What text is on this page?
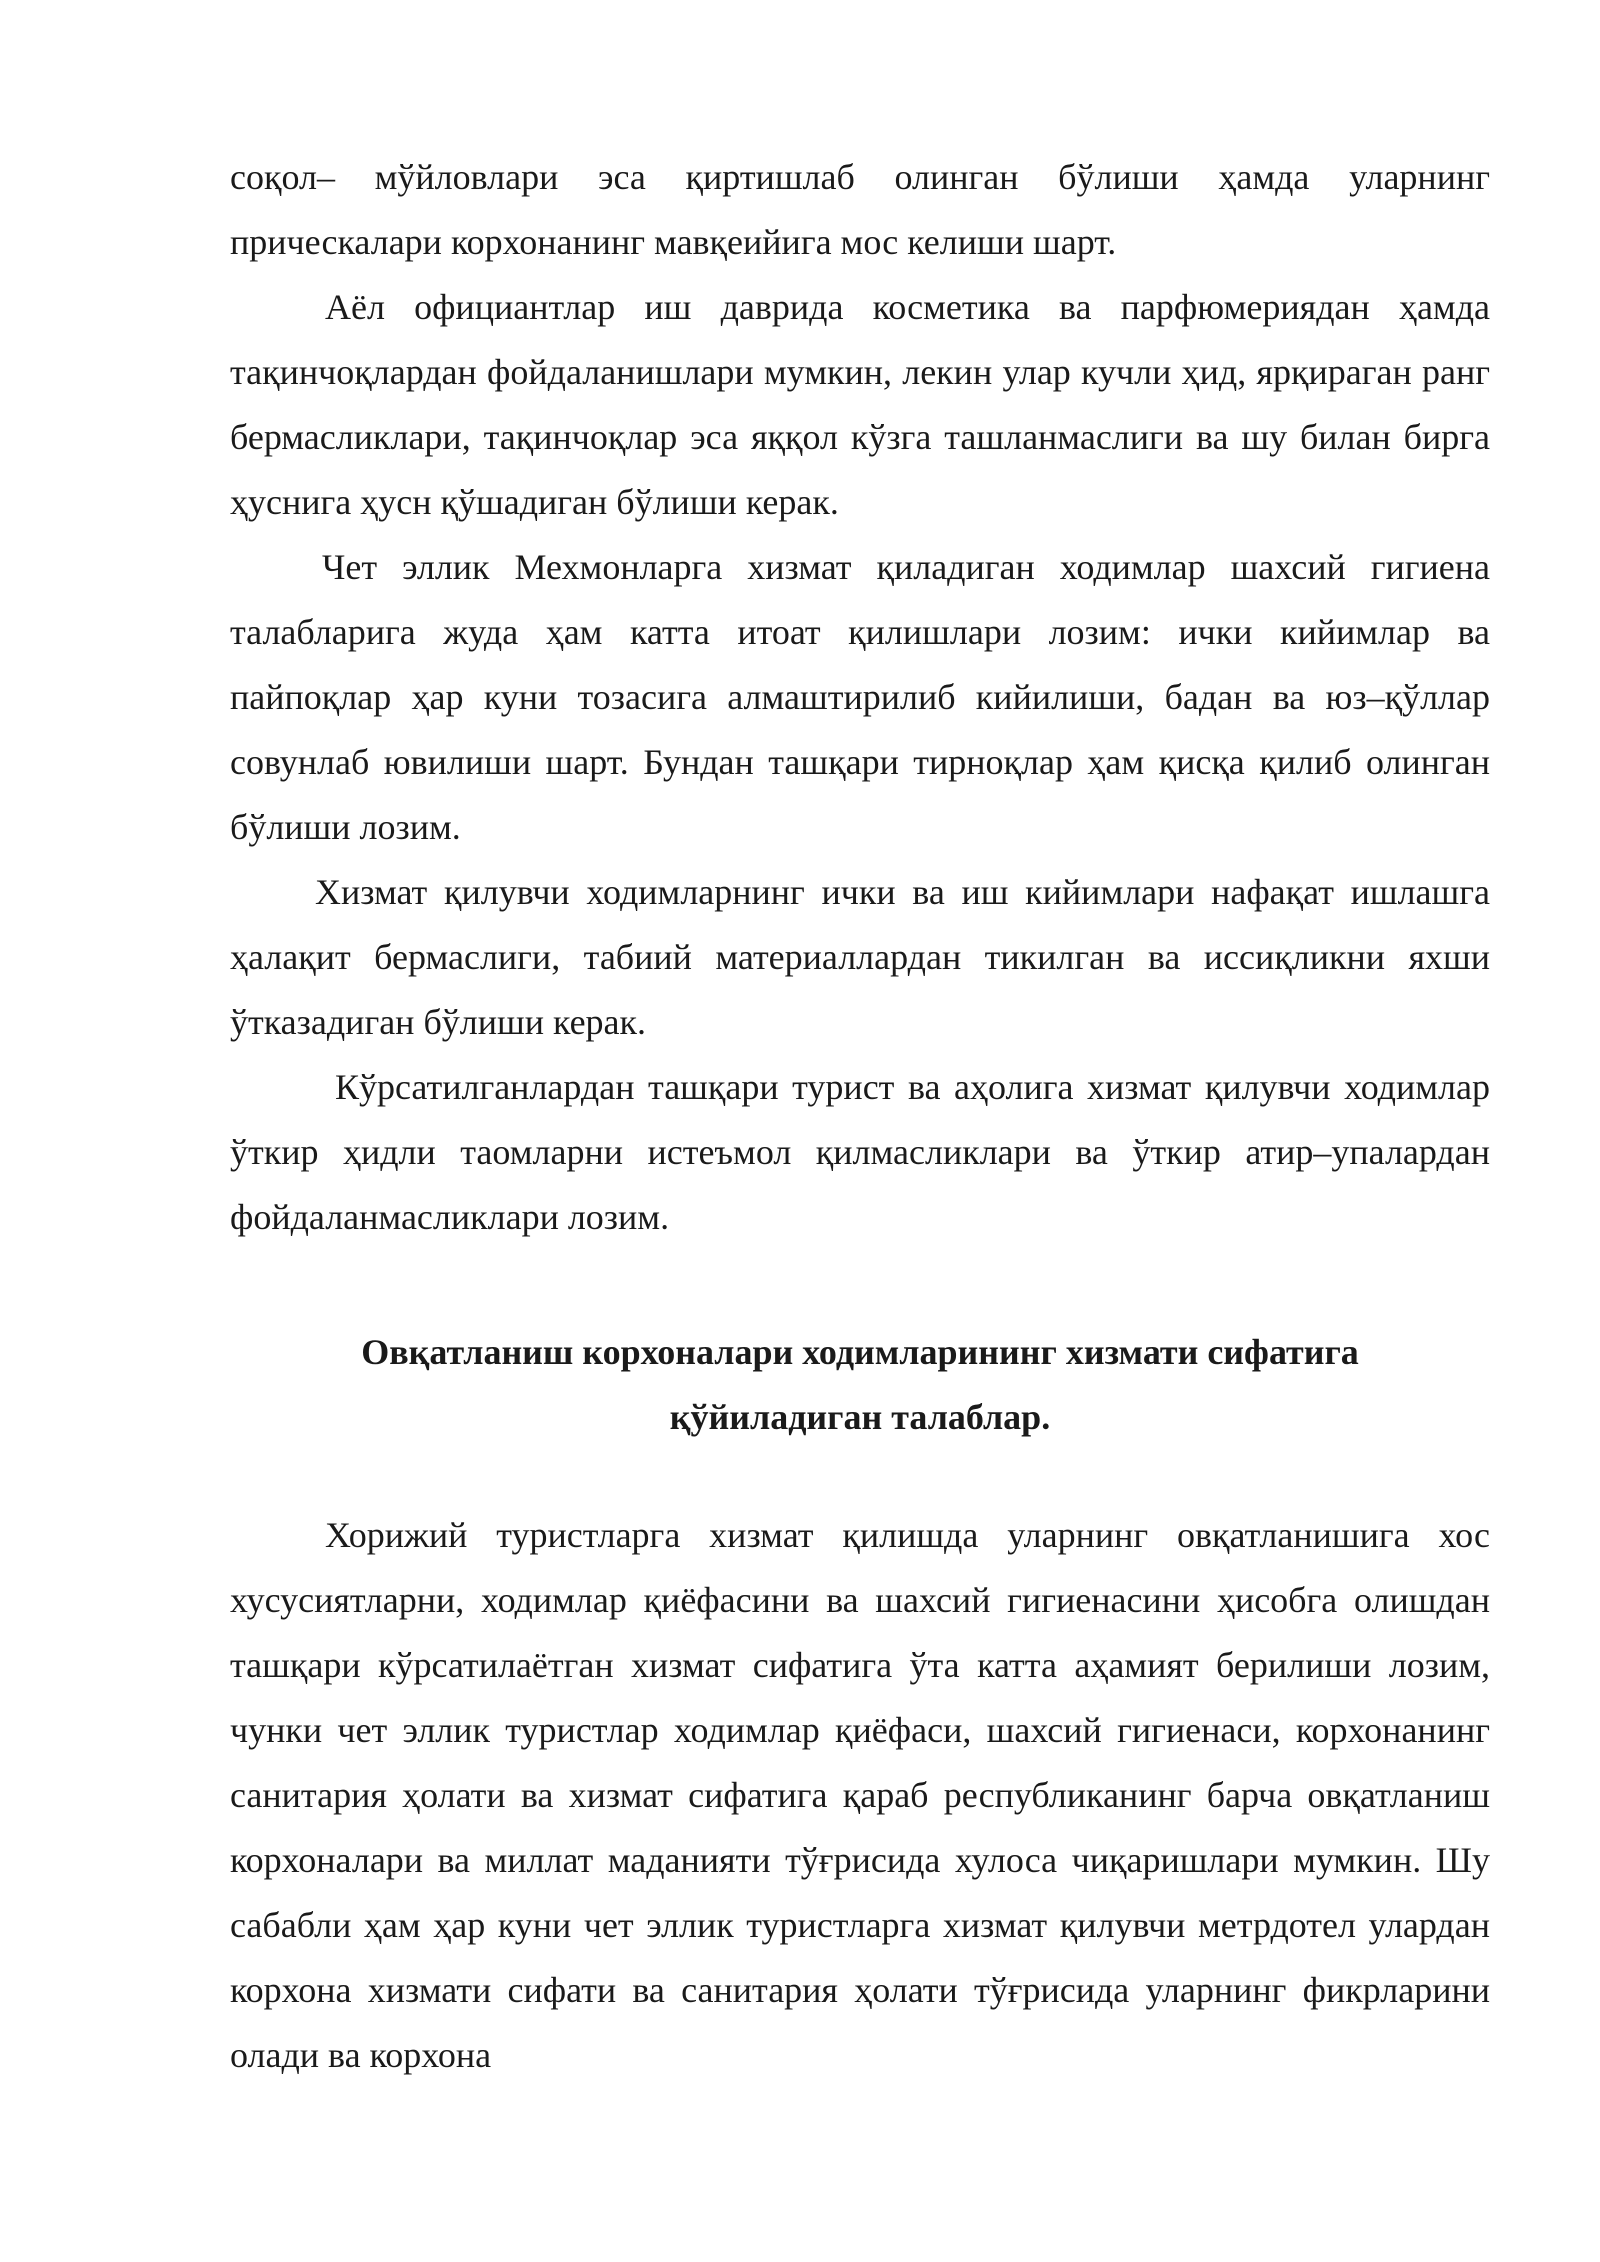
соқол– мўйловлари эса қиртишлаб олинган бўлиши ҳамда уларнинг прическалари корхонанинг мавқеийига мос келиши шарт.

Аёл официантлар иш даврида косметика ва парфюмериядан ҳамда тақинчоқлардан фойдаланишлари мумкин, лекин улар кучли ҳид, ярқираган ранг бермасликлари, тақинчоқлар эса яққол кўзга ташланмаслиги ва шу билан бирга ҳуснига ҳусн қўшадиган бўлиши керак.

Чет эллик Мехмонларга хизмат қиладиган ходимлар шахсий гигиена талабларига жуда ҳам катта итоат қилишлари лозим: ички кийимлар ва пайпоқлар ҳар куни тозасига алмаштирилиб кийилиши, бадан ва юз–қўллар совунлаб ювилиши шарт. Бундан ташқари тирноқлар ҳам қисқа қилиб олинган бўлиши лозим.

Хизмат қилувчи ходимларнинг ички ва иш кийимлари нафақат ишлашга ҳалақит бермаслиги, табиий материаллардан тикилган ва иссиқликни яхши ўтказадиган бўлиши керак.

Кўрсатилганлардан ташқари турист ва аҳолига хизмат қилувчи ходимлар ўткир ҳидли таомларни истеъмол қилмасликлари ва ўткир атир–упалардан фойдаланмасликлари лозим.

Овқатланиш корхоналари ходимларининг хизмати сифатига
қўйиладиган талаблар.

Хорижий туристларга хизмат қилишда уларнинг овқатланишига хос хусусиятларни, ходимлар қиёфасини ва шахсий гигиенасини ҳисобга олишдан ташқари кўрсатилаётган хизмат сифатига ўта катта аҳамият берилиши лозим, чунки чет эллик туристлар ходимлар қиёфаси, шахсий гигиенаси, корхонанинг санитария ҳолати ва хизмат сифатига қараб республиканинг барча овқатланиш корхоналари ва миллат маданияти тўғрисида хулоса чиқаришлари мумкин. Шу сабабли ҳам ҳар куни чет эллик туристларга хизмат қилувчи метрдотел улардан корхона хизмати сифати ва санитария ҳолати тўғрисида уларнинг фикрларини олади ва корхона
